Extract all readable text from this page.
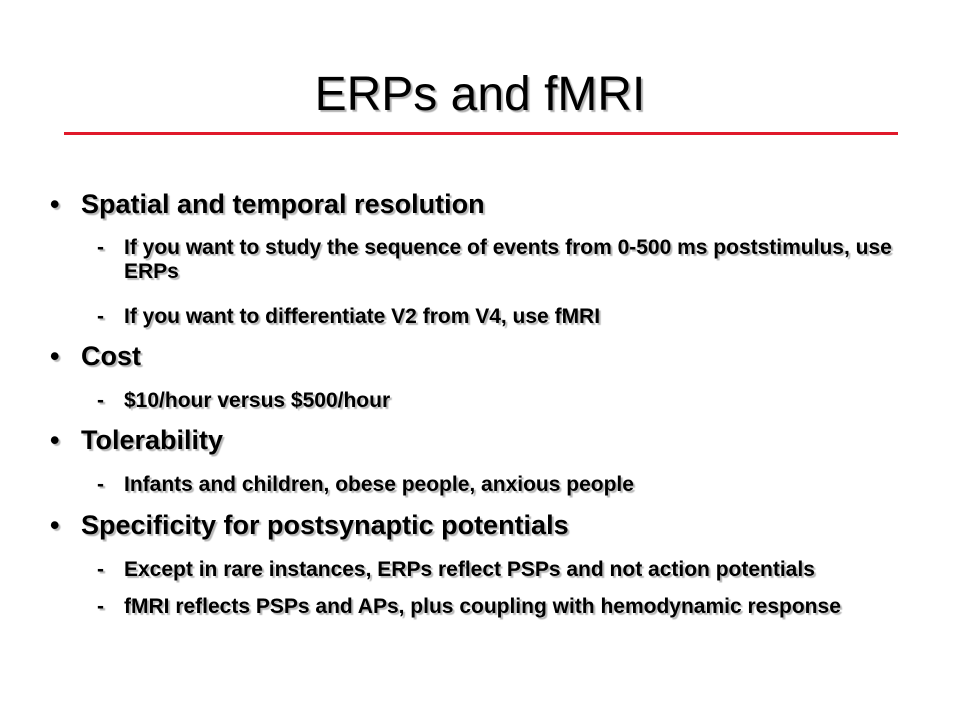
ERPs and fMRI
• Spatial and temporal resolution
- If you want to study the sequence of events from 0-500 ms poststimulus, use ERPs
- If you want to differentiate V2 from V4, use fMRI
• Cost
- $10/hour versus $500/hour
• Tolerability
- Infants and children, obese people, anxious people
• Specificity for postsynaptic potentials
- Except in rare instances, ERPs reflect PSPs and not action potentials
- fMRI reflects PSPs and APs, plus coupling with hemodynamic response
